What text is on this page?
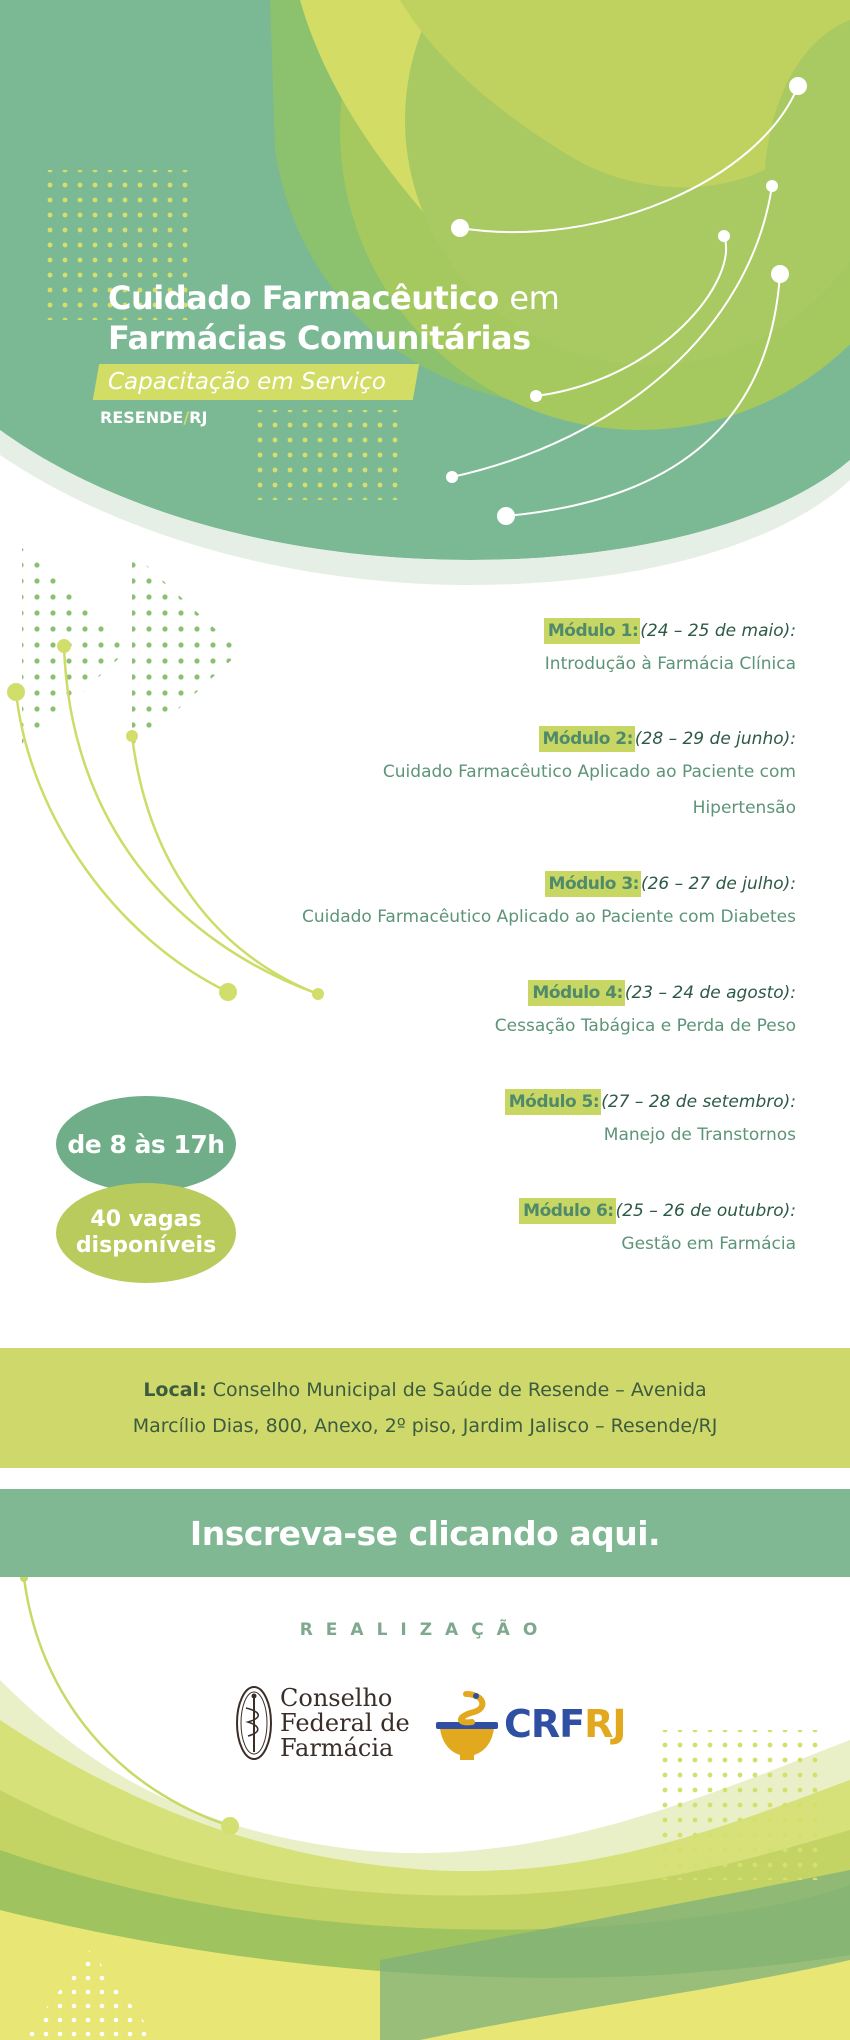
Cuidado Farmacêutico em
Farmácias Comunitárias
Capacitação em Serviço
RESENDE/RJ
Módulo 1: (24 – 25 de maio):
Introdução à Farmácia Clínica
Módulo 2: (28 – 29 de junho):
Cuidado Farmacêutico Aplicado ao Paciente com
Hipertensão
Módulo 3: (26 – 27 de julho):
Cuidado Farmacêutico Aplicado ao Paciente com Diabetes
Módulo 4: (23 – 24 de agosto):
Cessação Tabágica e Perda de Peso
Módulo 5: (27 – 28 de setembro):
Manejo de Transtornos
Módulo 6: (25 – 26 de outubro):
Gestão em Farmácia
de 8 às 17h
40 vagas
disponíveis
Local: Conselho Municipal de Saúde de Resende – Avenida
Marcílio Dias, 800, Anexo, 2º piso, Jardim Jalisco – Resende/RJ
Inscreva-se clicando aqui.
REALIZAÇÃO
Conselho
Federal de
Farmácia
CRFRJ
